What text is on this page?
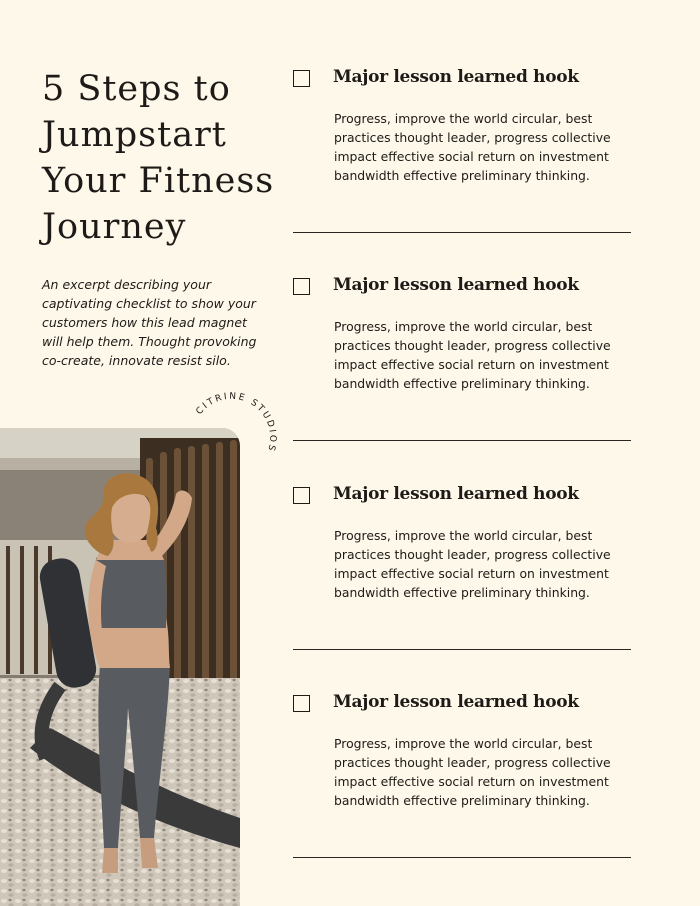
5 Steps to
Jumpstart
Your Fitness
Journey

An excerpt describing your captivating checklist to show your customers how this lead magnet will help them. Thought provoking co-create, innovate resist silo.

CITRINE STUDIOS
Major lesson learned hook

Progress, improve the world circular, best practices thought leader, progress collective impact effective social return on investment bandwidth effective preliminary thinking.

Major lesson learned hook

Progress, improve the world circular, best practices thought leader, progress collective impact effective social return on investment bandwidth effective preliminary thinking.

Major lesson learned hook

Progress, improve the world circular, best practices thought leader, progress collective impact effective social return on investment bandwidth effective preliminary thinking.

Major lesson learned hook

Progress, improve the world circular, best practices thought leader, progress collective impact effective social return on investment bandwidth effective preliminary thinking.
